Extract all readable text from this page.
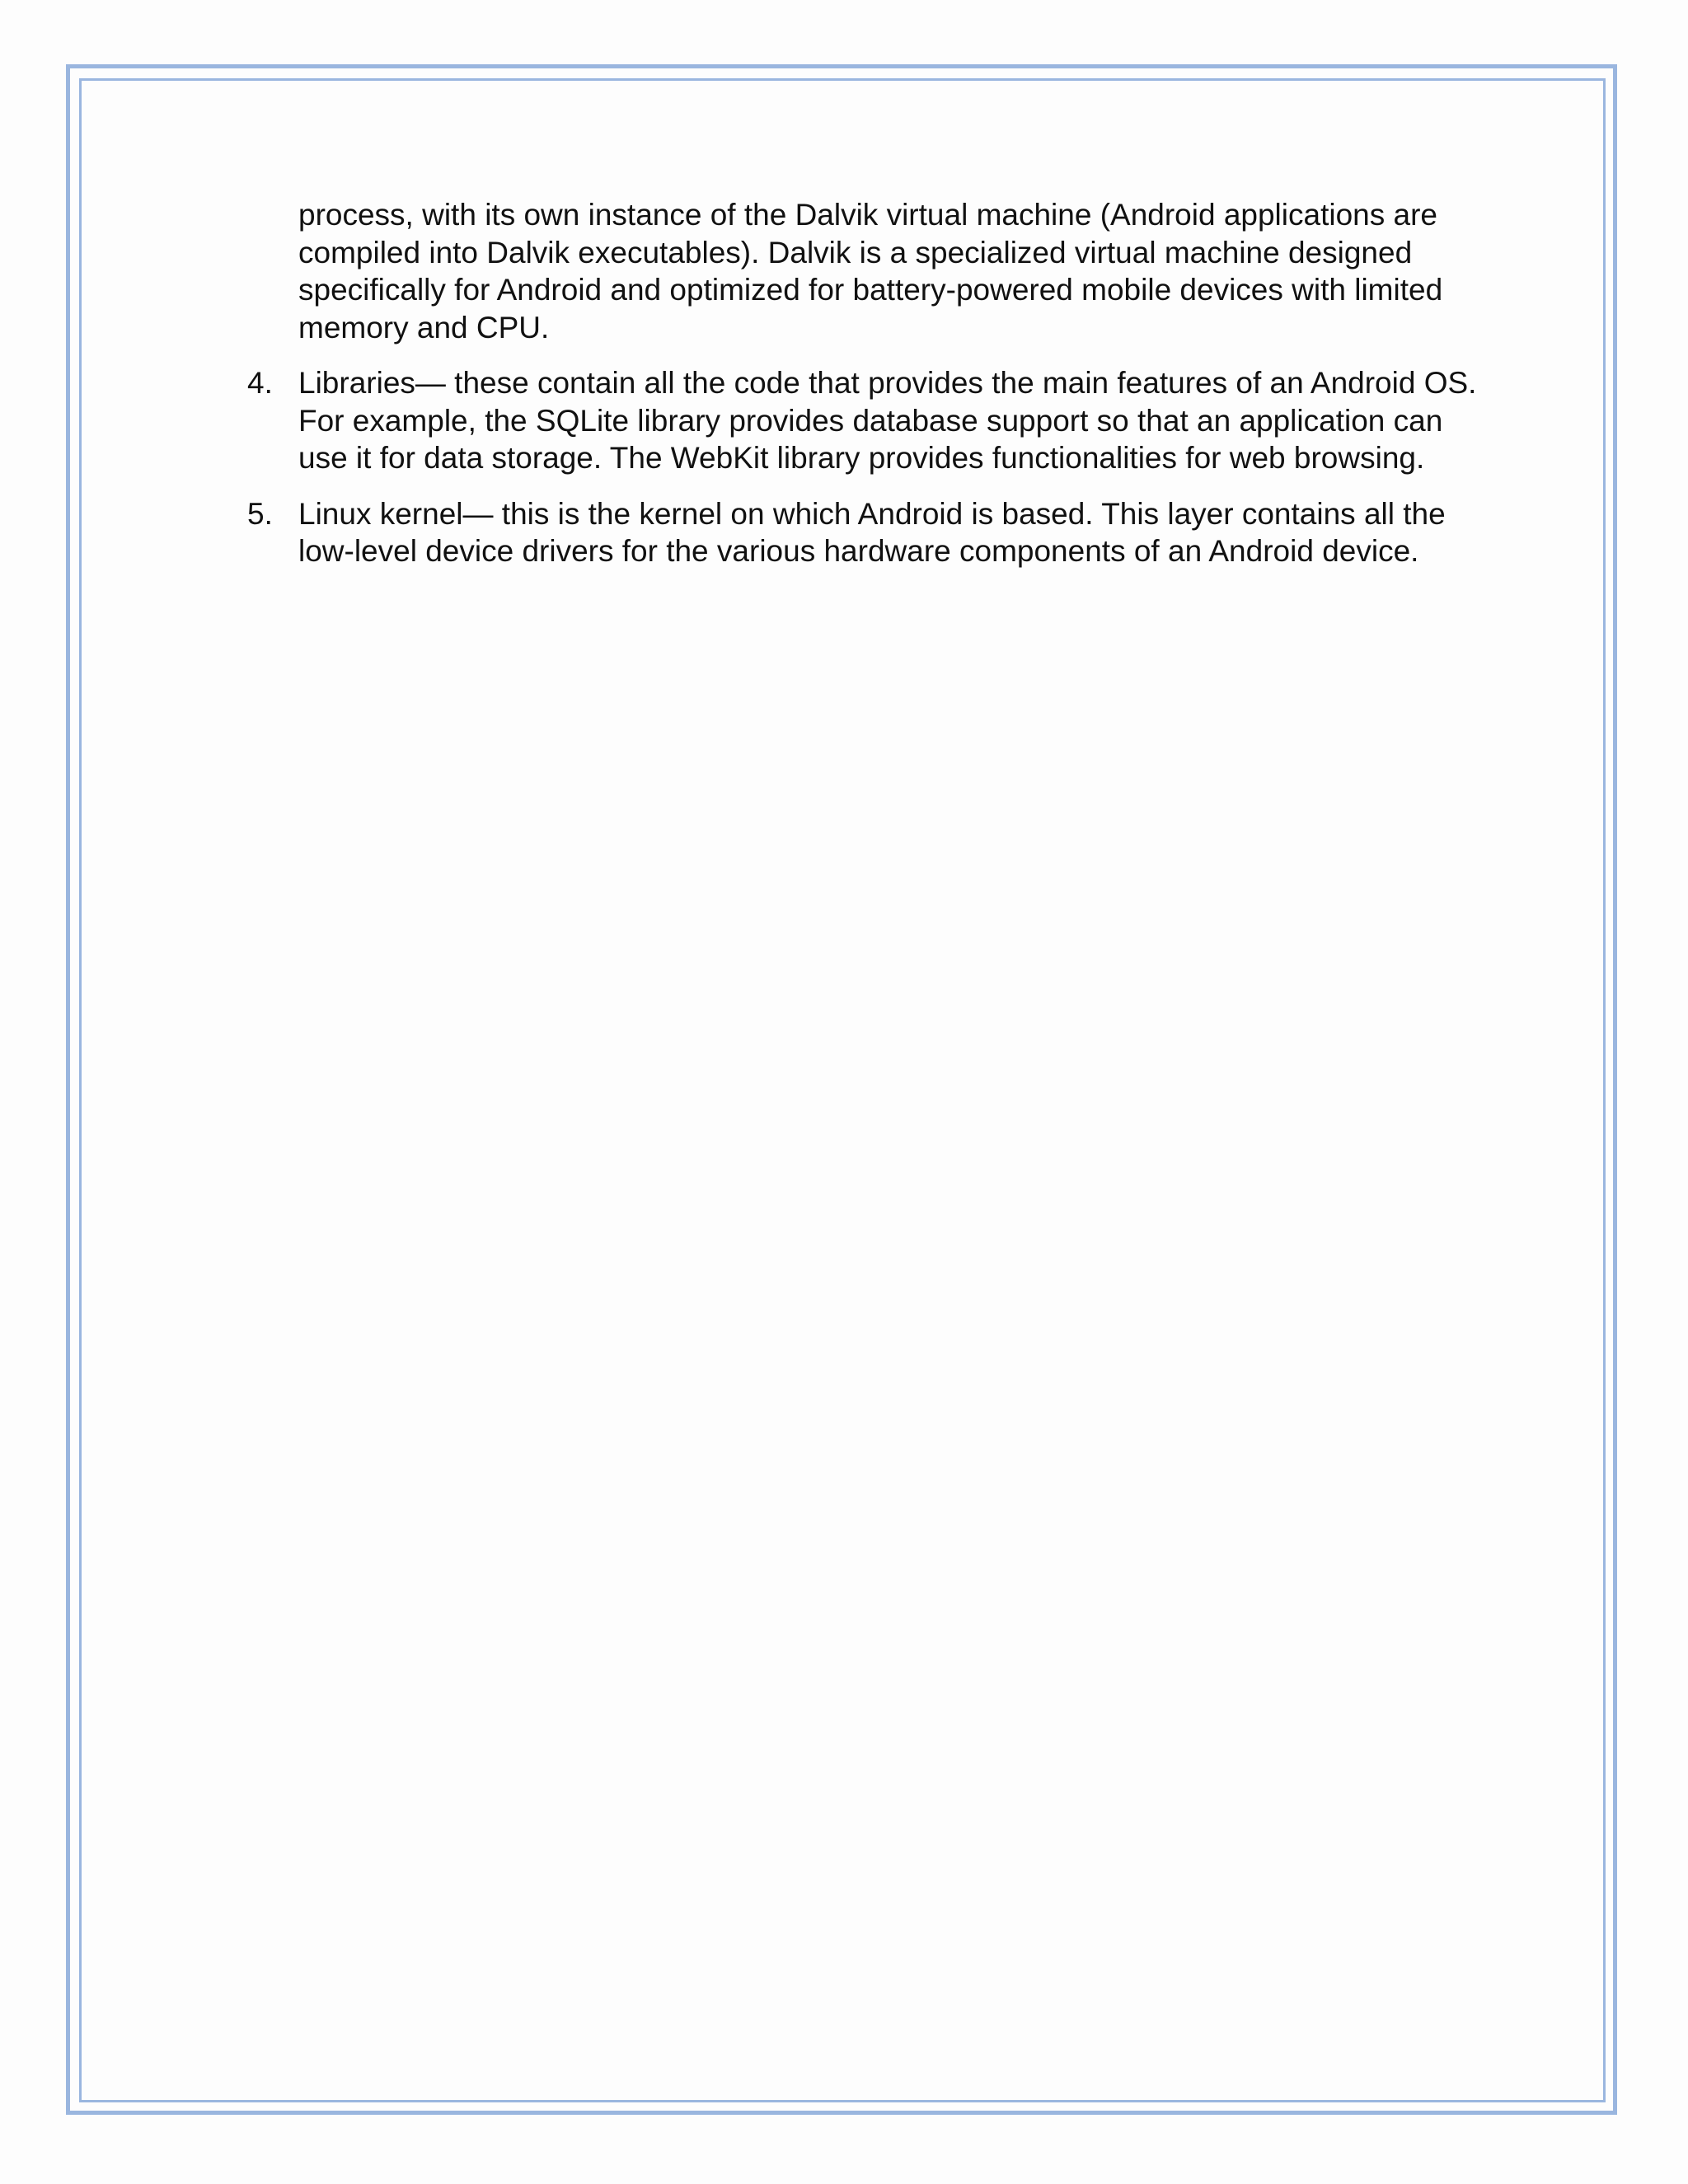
process, with its own instance of the Dalvik virtual machine (Android applications are compiled into Dalvik executables). Dalvik is a specialized virtual machine designed specifically for Android and optimized for battery-powered mobile devices with limited memory and CPU.

4. Libraries— these contain all the code that provides the main features of an Android OS. For example, the SQLite library provides database support so that an application can use it for data storage. The WebKit library provides functionalities for web browsing.
5. Linux kernel— this is the kernel on which Android is based. This layer contains all the low-level device drivers for the various hardware components of an Android device.
